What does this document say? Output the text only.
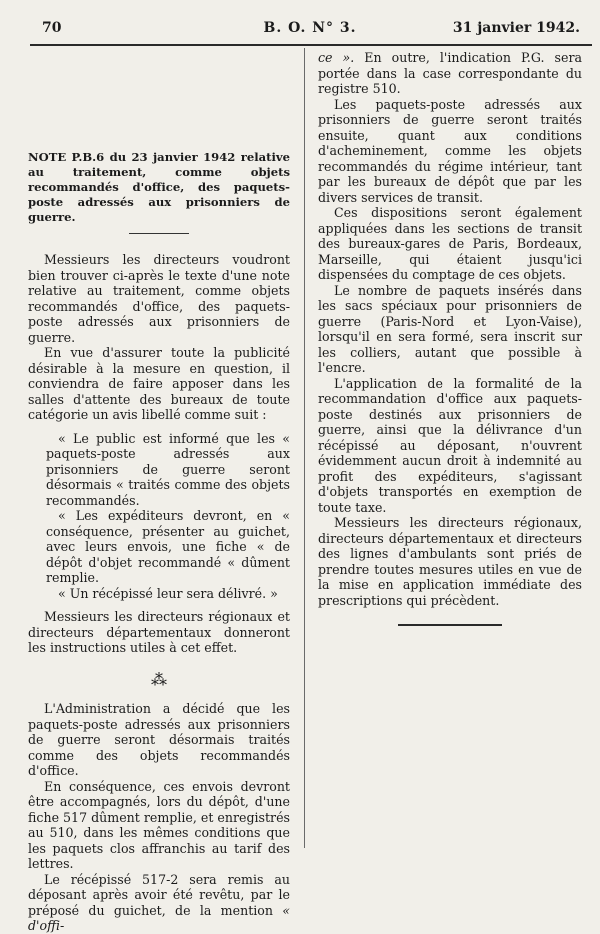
70	B. O. N° 3.	31 janvier 1942.

NOTE P.B.6 du 23 janvier 1942 relative au traitement, comme objets recommandés d'office, des paquets-poste adressés aux prisonniers de guerre.

Messieurs les directeurs voudront bien trouver ci-après le texte d'une note relative au traitement, comme objets recommandés d'office, des paquets-poste adressés aux prisonniers de guerre.

En vue d'assurer toute la publicité désirable à la mesure en question, il conviendra de faire apposer dans les salles d'attente des bureaux de toute catégorie un avis libellé comme suit :

« Le public est informé que les « paquets-poste adressés aux prisonniers de guerre seront désormais « traités comme des objets recommandés.

« Les expéditeurs devront, en « conséquence, présenter au guichet, avec leurs envois, une fiche « de dépôt d'objet recommandé « dûment remplie.

« Un récépissé leur sera délivré. »

Messieurs les directeurs régionaux et directeurs départementaux donneront les instructions utiles à cet effet.

⁂

L'Administration a décidé que les paquets-poste adressés aux prisonniers de guerre seront désormais traités comme des objets recommandés d'office.

En conséquence, ces envois devront être accompagnés, lors du dépôt, d'une fiche 517 dûment remplie, et enregistrés au 510, dans les mêmes conditions que les paquets clos affranchis au tarif des lettres.

Le récépissé 517-2 sera remis au déposant après avoir été revêtu, par le préposé du guichet, de la mention « d'offi-

ce ». En outre, l'indication P.G. sera portée dans la case correspondante du registre 510.

Les paquets-poste adressés aux prisonniers de guerre seront traités ensuite, quant aux conditions d'acheminement, comme les objets recommandés du régime intérieur, tant par les bureaux de dépôt que par les divers services de transit.

Ces dispositions seront également appliquées dans les sections de transit des bureaux-gares de Paris, Bordeaux, Marseille, qui étaient jusqu'ici dispensées du comptage de ces objets.

Le nombre de paquets insérés dans les sacs spéciaux pour prisonniers de guerre (Paris-Nord et Lyon-Vaise), lorsqu'il en sera formé, sera inscrit sur les colliers, autant que possible à l'encre.

L'application de la formalité de la recommandation d'office aux paquets-poste destinés aux prisonniers de guerre, ainsi que la délivrance d'un récépissé au déposant, n'ouvrent évidemment aucun droit à indemnité au profit des expéditeurs, s'agissant d'objets transportés en exemption de toute taxe.

Messieurs les directeurs régionaux, directeurs départementaux et directeurs des lignes d'ambulants sont priés de prendre toutes mesures utiles en vue de la mise en application immédiate des prescriptions qui précèdent.
